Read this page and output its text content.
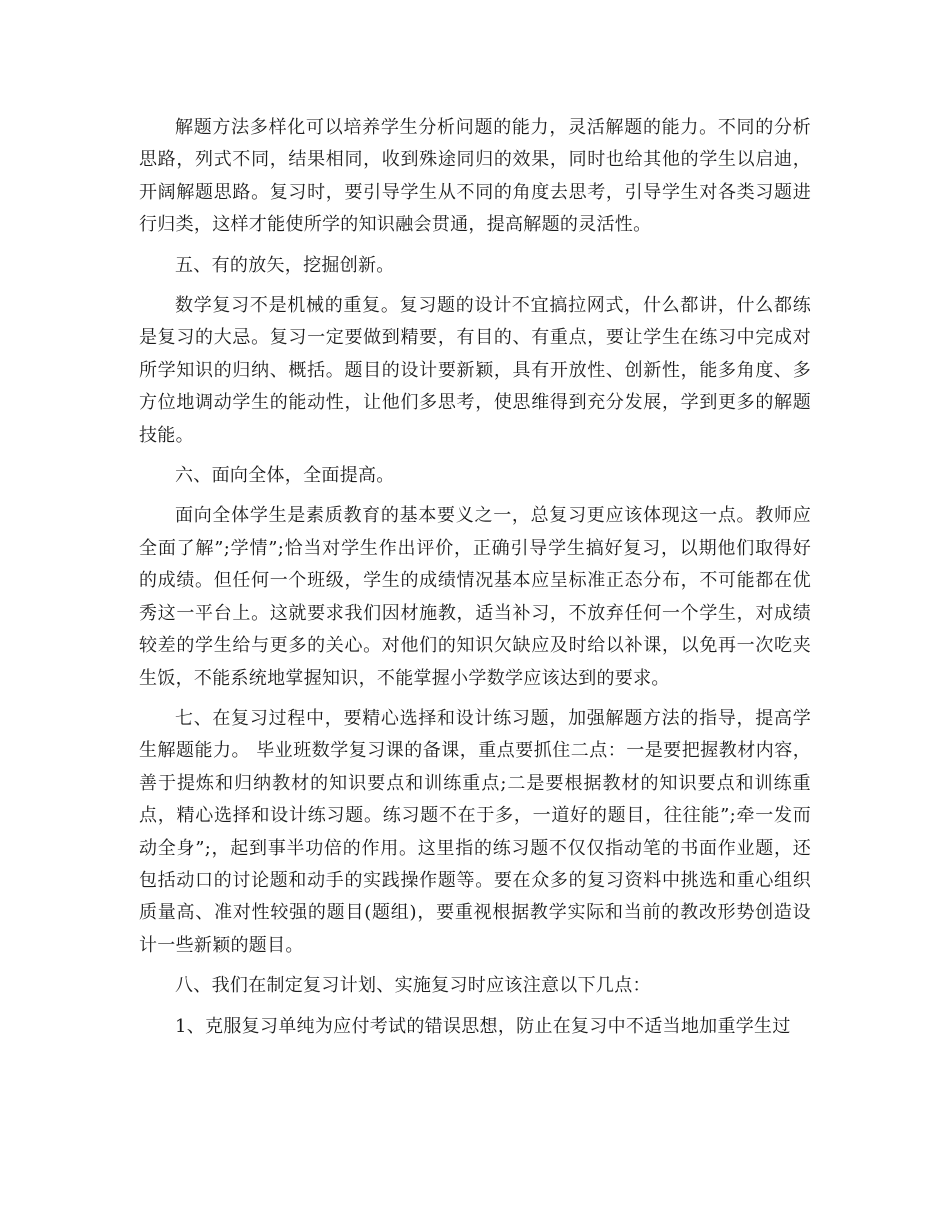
解题方法多样化可以培养学生分析问题的能力，灵活解题的能力。不同的分析思路，列式不同，结果相同，收到殊途同归的效果，同时也给其他的学生以启迪，开阔解题思路。复习时，要引导学生从不同的角度去思考，引导学生对各类习题进行归类，这样才能使所学的知识融会贯通，提高解题的灵活性。

五、有的放矢，挖掘创新。

数学复习不是机械的重复。复习题的设计不宜搞拉网式，什么都讲，什么都练是复习的大忌。复习一定要做到精要，有目的、有重点，要让学生在练习中完成对所学知识的归纳、概括。题目的设计要新颖，具有开放性、创新性，能多角度、多方位地调动学生的能动性，让他们多思考，使思维得到充分发展，学到更多的解题技能。

六、面向全体，全面提高。

面向全体学生是素质教育的基本要义之一，总复习更应该体现这一点。教师应全面了解”;学情”;恰当对学生作出评价，正确引导学生搞好复习，以期他们取得好的成绩。但任何一个班级，学生的成绩情况基本应呈标准正态分布，不可能都在优秀这一平台上。这就要求我们因材施教，适当补习，不放弃任何一个学生，对成绩较差的学生给与更多的关心。对他们的知识欠缺应及时给以补课，以免再一次吃夹生饭，不能系统地掌握知识，不能掌握小学数学应该达到的要求。

七、在复习过程中，要精心选择和设计练习题，加强解题方法的指导，提高学生解题能力。 毕业班数学复习课的备课，重点要抓住二点：一是要把握教材内容，善于提炼和归纳教材的知识要点和训练重点;二是要根据教材的知识要点和训练重点，精心选择和设计练习题。练习题不在于多，一道好的题目，往往能”;牵一发而动全身”;，起到事半功倍的作用。这里指的练习题不仅仅指动笔的书面作业题，还包括动口的讨论题和动手的实践操作题等。要在众多的复习资料中挑选和重心组织质量高、准对性较强的题目(题组)，要重视根据教学实际和当前的教改形势创造设计一些新颖的题目。

八、我们在制定复习计划、实施复习时应该注意以下几点：

1、克服复习单纯为应付考试的错误思想，防止在复习中不适当地加重学生过
